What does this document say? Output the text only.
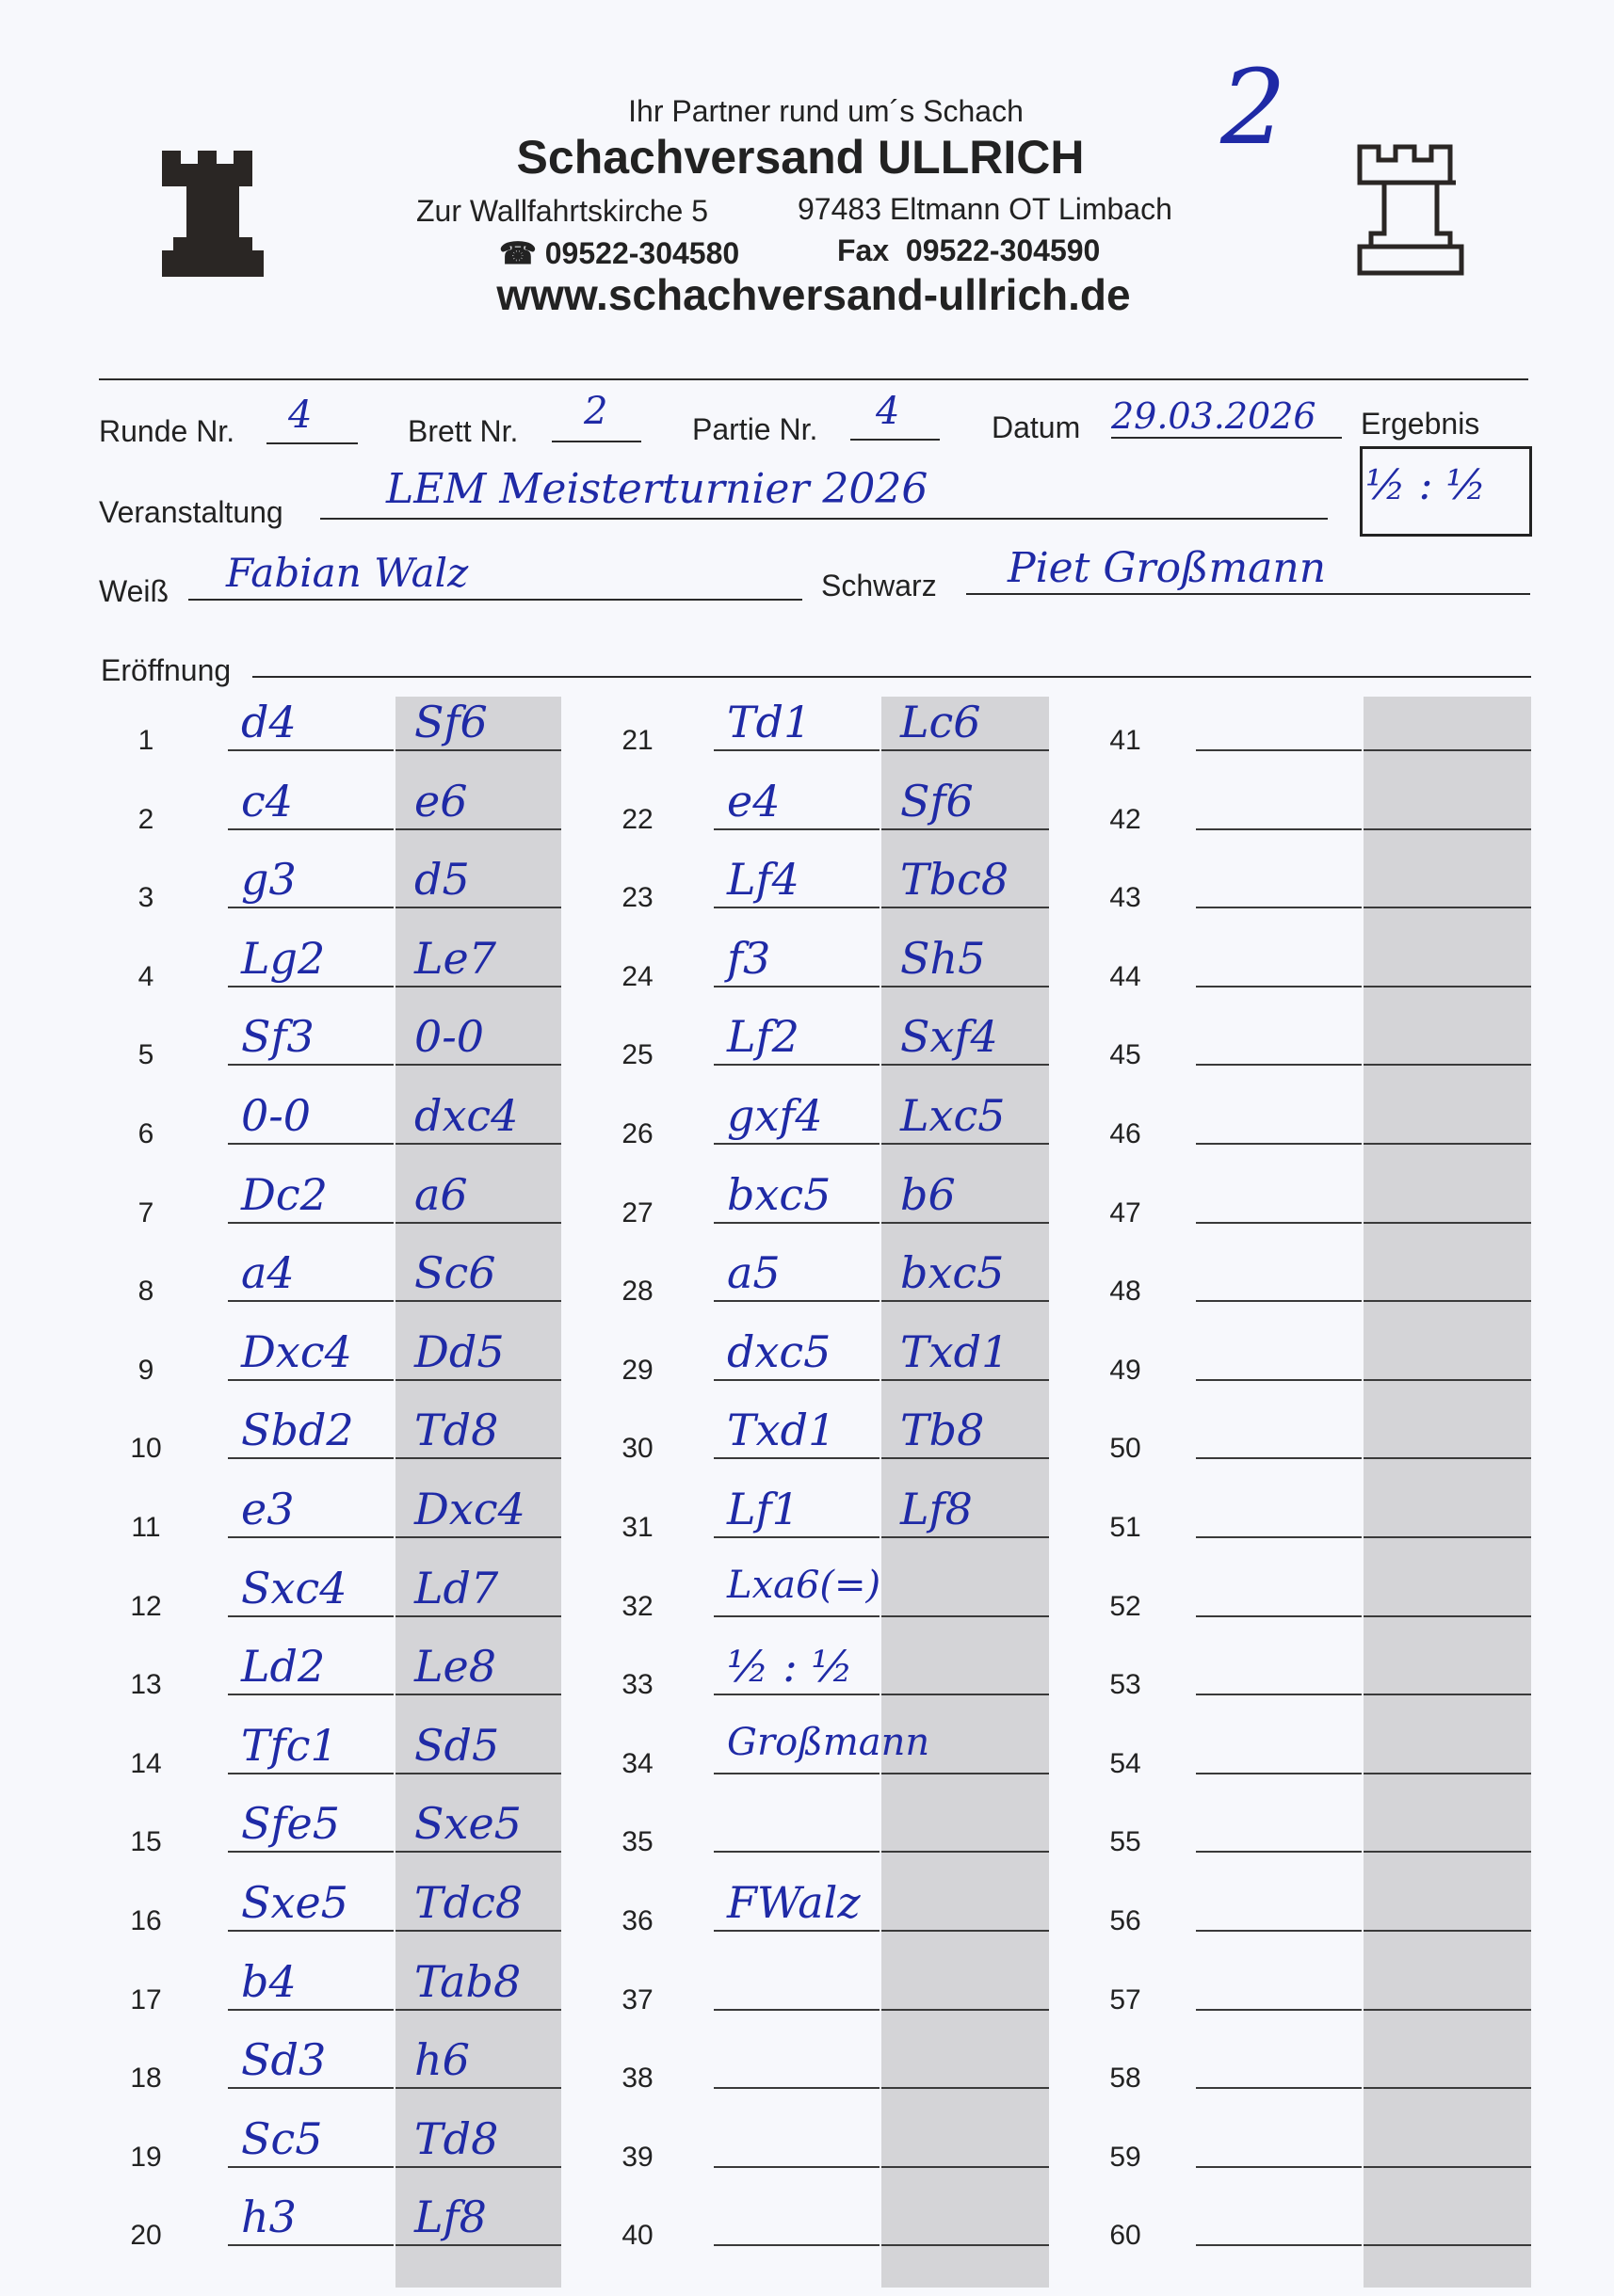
Ihr Partner rund um´s Schach
Schachversand ULLRICH
Zur Wallfahrtskirche 5	97483 Eltmann OT Limbach
☎ 09522-304580	Fax  09522-304590
www.schachversand-ullrich.de
2
Runde Nr. 4	Brett Nr. 2	Partie Nr. 4	Datum 29.03.2026 Ergebnis
½ : ½
Veranstaltung LEM Meisterturnier 2026
Weiß Fabian Walz	Schwarz Piet Großmann
Eröffnung
1	d4	Sf6
2	c4	e6
3	g3	d5
4	Lg2 Le7
5	Sf3 0-0
6	0-0 dxc4
7	Dc2 a6
8	a4	Sc6
9	Dxc4 Dd5
10 Sbd2 Td8
11	e3	Dxc4
12 Sxc4 Ld7
13 Ld2 Le8
14 Tfc1 Sd5
15 Sfe5 Sxe5
16 Sxe5 Tdc8
17 b4	Tab8
18 Sd3 h6
19 Sc5 Td8
20 h3	Lf8
21 Td1 Lc6
22 e4	Sf6
23 Lf4 Tbc8
24 f3	Sh5
25 Lf2 Sxf4
26 gxf4 Lxc5
27 bxc5 b6
28 a5	bxc5
29 dxc5 Txd1
30 Txd1 Tb8
31 Lf1 Lf8
32	Lxa6(=)
33 ½ : ½
34	Großmann
35
36 FWalz
37
38
39
40
41
42
43
44
45
46
47
48
49
50
51
52
53
54
55
56
57
58
59
60
